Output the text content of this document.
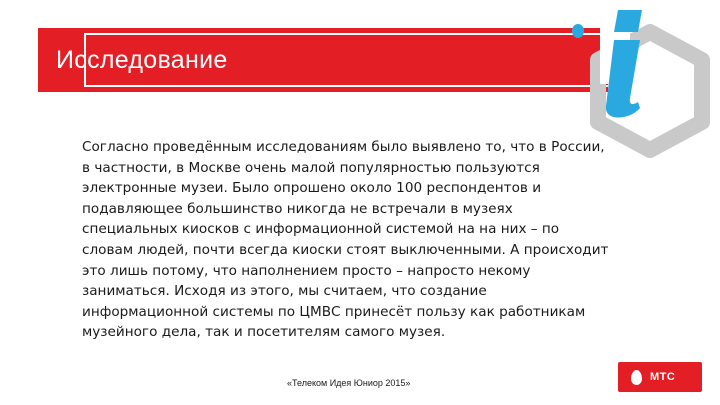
Исследование

Согласно проведённым исследованиям было выявлено то, что в России, в частности, в Москве очень малой популярностью пользуются электронные музеи. Было опрошено около 100 респондентов и подавляющее большинство никогда не встречали в музеях специальных киосков с информационной системой на на них – по словам людей, почти всегда киоски стоят выключенными. А происходит это лишь потому, что наполнением просто – напросто некому заниматься. Исходя из этого, мы считаем, что создание информационной системы по ЦМВС принесёт пользу как работникам музейного дела, так и посетителям самого музея.

«Телеком Идея Юниор 2015»	МТС
